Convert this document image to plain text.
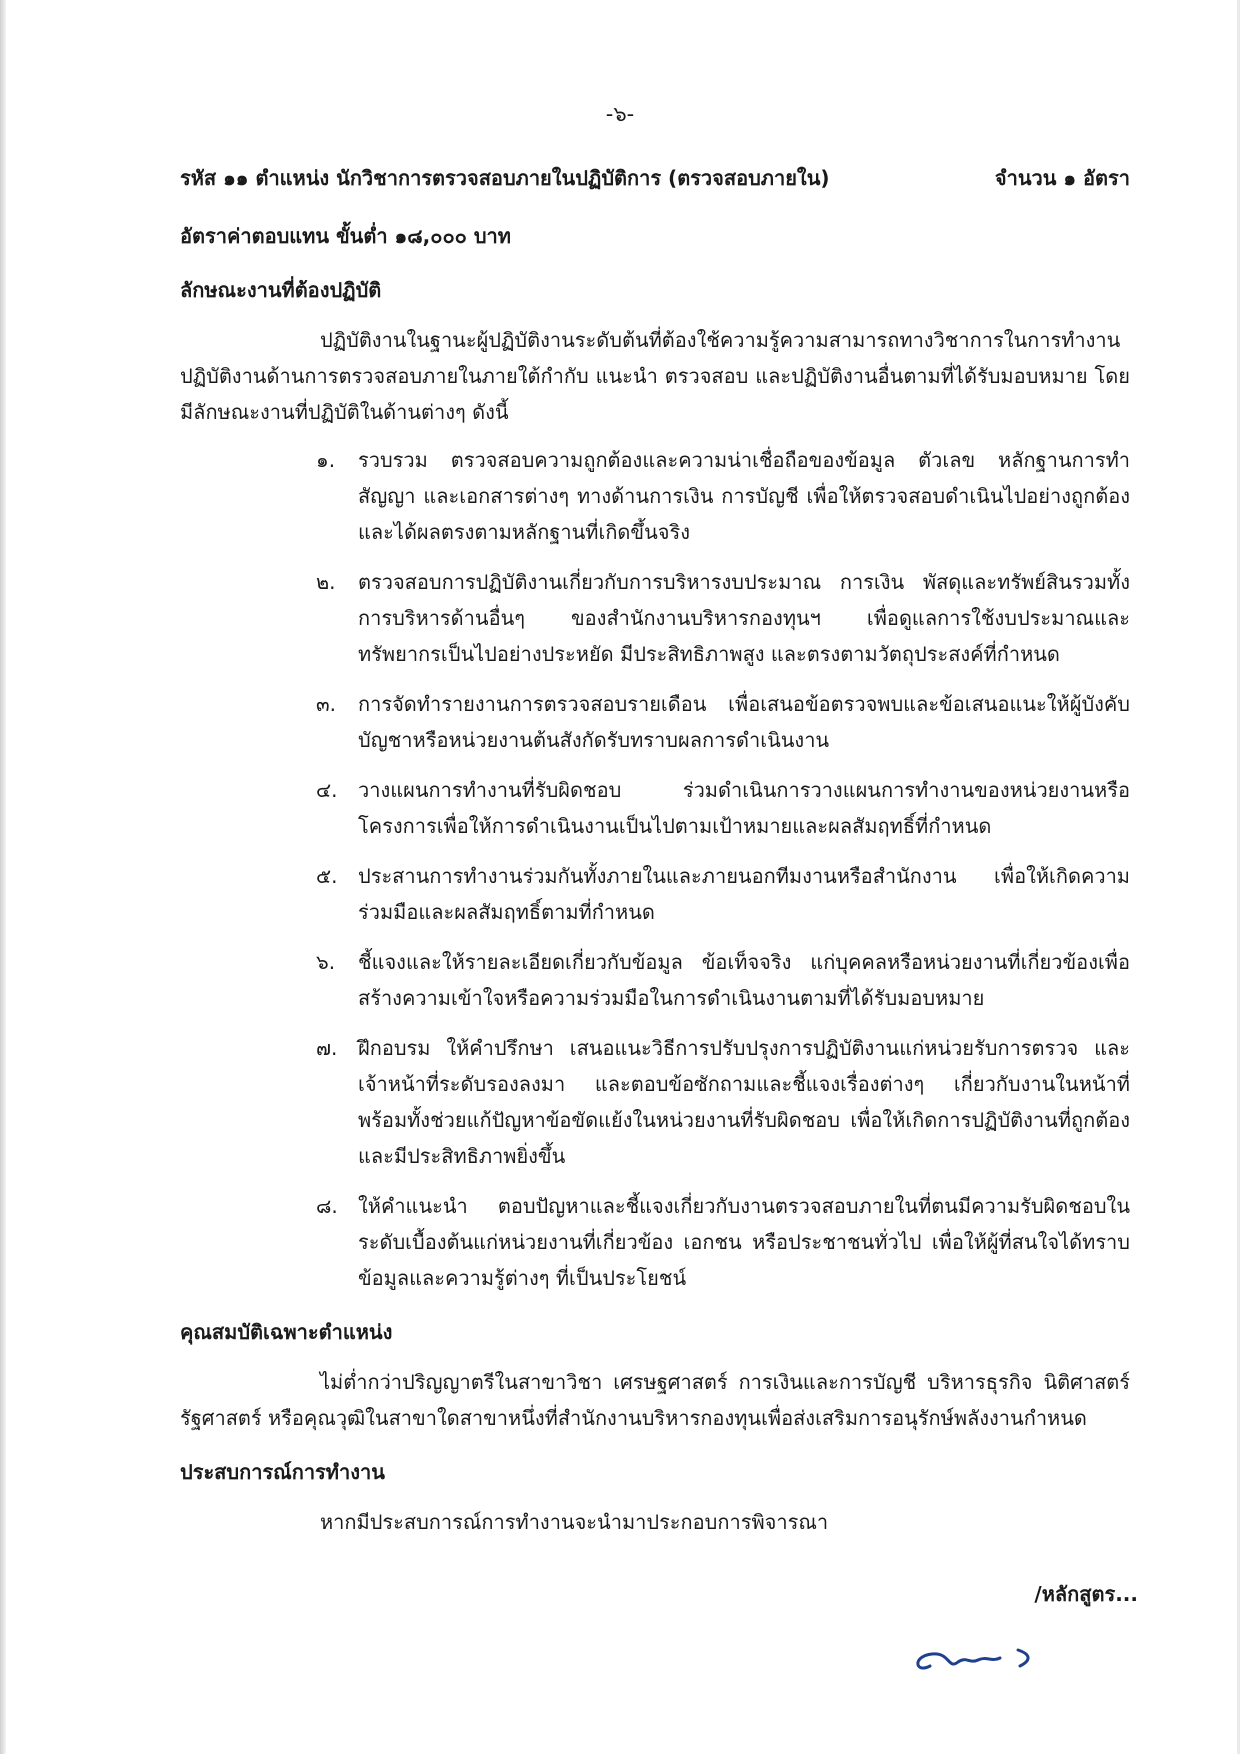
-๖-
รหัส ๑๑ ตำแหน่ง นักวิชาการตรวจสอบภายในปฏิบัติการ (ตรวจสอบภายใน)	จำนวน ๑ อัตรา
อัตราค่าตอบแทน ขั้นต่ำ ๑๘,๐๐๐ บาท
ลักษณะงานที่ต้องปฏิบัติ
ปฏิบัติงานในฐานะผู้ปฏิบัติงานระดับต้นที่ต้องใช้ความรู้ความสามารถทางวิชาการในการทำงาน ปฏิบัติงานด้านการตรวจสอบภายในภายใต้กำกับ แนะนำ ตรวจสอบ และปฏิบัติงานอื่นตามที่ได้รับมอบหมาย โดยมีลักษณะงานที่ปฏิบัติในด้านต่างๆ ดังนี้
๑.	รวบรวม ตรวจสอบความถูกต้องและความน่าเชื่อถือของข้อมูล ตัวเลข หลักฐานการทำสัญญา และเอกสารต่างๆ ทางด้านการเงิน การบัญชี เพื่อให้ตรวจสอบดำเนินไปอย่างถูกต้องและได้ผลตรงตามหลักฐานที่เกิดขึ้นจริง
๒.	ตรวจสอบการปฏิบัติงานเกี่ยวกับการบริหารงบประมาณ การเงิน พัสดุและทรัพย์สินรวมทั้งการบริหารด้านอื่นๆ ของสำนักงานบริหารกองทุนฯ เพื่อดูแลการใช้งบประมาณและทรัพยากรเป็นไปอย่างประหยัด มีประสิทธิภาพสูง และตรงตามวัตถุประสงค์ที่กำหนด
๓.	การจัดทำรายงานการตรวจสอบรายเดือน เพื่อเสนอข้อตรวจพบและข้อเสนอแนะให้ผู้บังคับบัญชาหรือหน่วยงานต้นสังกัดรับทราบผลการดำเนินงาน
๔.	วางแผนการทำงานที่รับผิดชอบ ร่วมดำเนินการวางแผนการทำงานของหน่วยงานหรือโครงการเพื่อให้การดำเนินงานเป็นไปตามเป้าหมายและผลสัมฤทธิ์ที่กำหนด
๕.	ประสานการทำงานร่วมกันทั้งภายในและภายนอกทีมงานหรือสำนักงาน เพื่อให้เกิดความร่วมมือและผลสัมฤทธิ์ตามที่กำหนด
๖.	ชี้แจงและให้รายละเอียดเกี่ยวกับข้อมูล ข้อเท็จจริง แก่บุคคลหรือหน่วยงานที่เกี่ยวข้องเพื่อสร้างความเข้าใจหรือความร่วมมือในการดำเนินงานตามที่ได้รับมอบหมาย
๗.	ฝึกอบรม ให้คำปรึกษา เสนอแนะวิธีการปรับปรุงการปฏิบัติงานแก่หน่วยรับการตรวจ และเจ้าหน้าที่ระดับรองลงมา และตอบข้อซักถามและชี้แจงเรื่องต่างๆ เกี่ยวกับงานในหน้าที่ พร้อมทั้งช่วยแก้ปัญหาข้อขัดแย้งในหน่วยงานที่รับผิดชอบ เพื่อให้เกิดการปฏิบัติงานที่ถูกต้องและมีประสิทธิภาพยิ่งขึ้น
๘.	ให้คำแนะนำ ตอบปัญหาและชี้แจงเกี่ยวกับงานตรวจสอบภายในที่ตนมีความรับผิดชอบในระดับเบื้องต้นแก่หน่วยงานที่เกี่ยวข้อง เอกชน หรือประชาชนทั่วไป เพื่อให้ผู้ที่สนใจได้ทราบข้อมูลและความรู้ต่างๆ ที่เป็นประโยชน์
คุณสมบัติเฉพาะตำแหน่ง
ไม่ต่ำกว่าปริญญาตรีในสาขาวิชา เศรษฐศาสตร์ การเงินและการบัญชี บริหารธุรกิจ นิติศาสตร์ รัฐศาสตร์ หรือคุณวุฒิในสาขาใดสาขาหนึ่งที่สำนักงานบริหารกองทุนเพื่อส่งเสริมการอนุรักษ์พลังงานกำหนด
ประสบการณ์การทำงาน
หากมีประสบการณ์การทำงานจะนำมาประกอบการพิจารณา
/หลักสูตร...
